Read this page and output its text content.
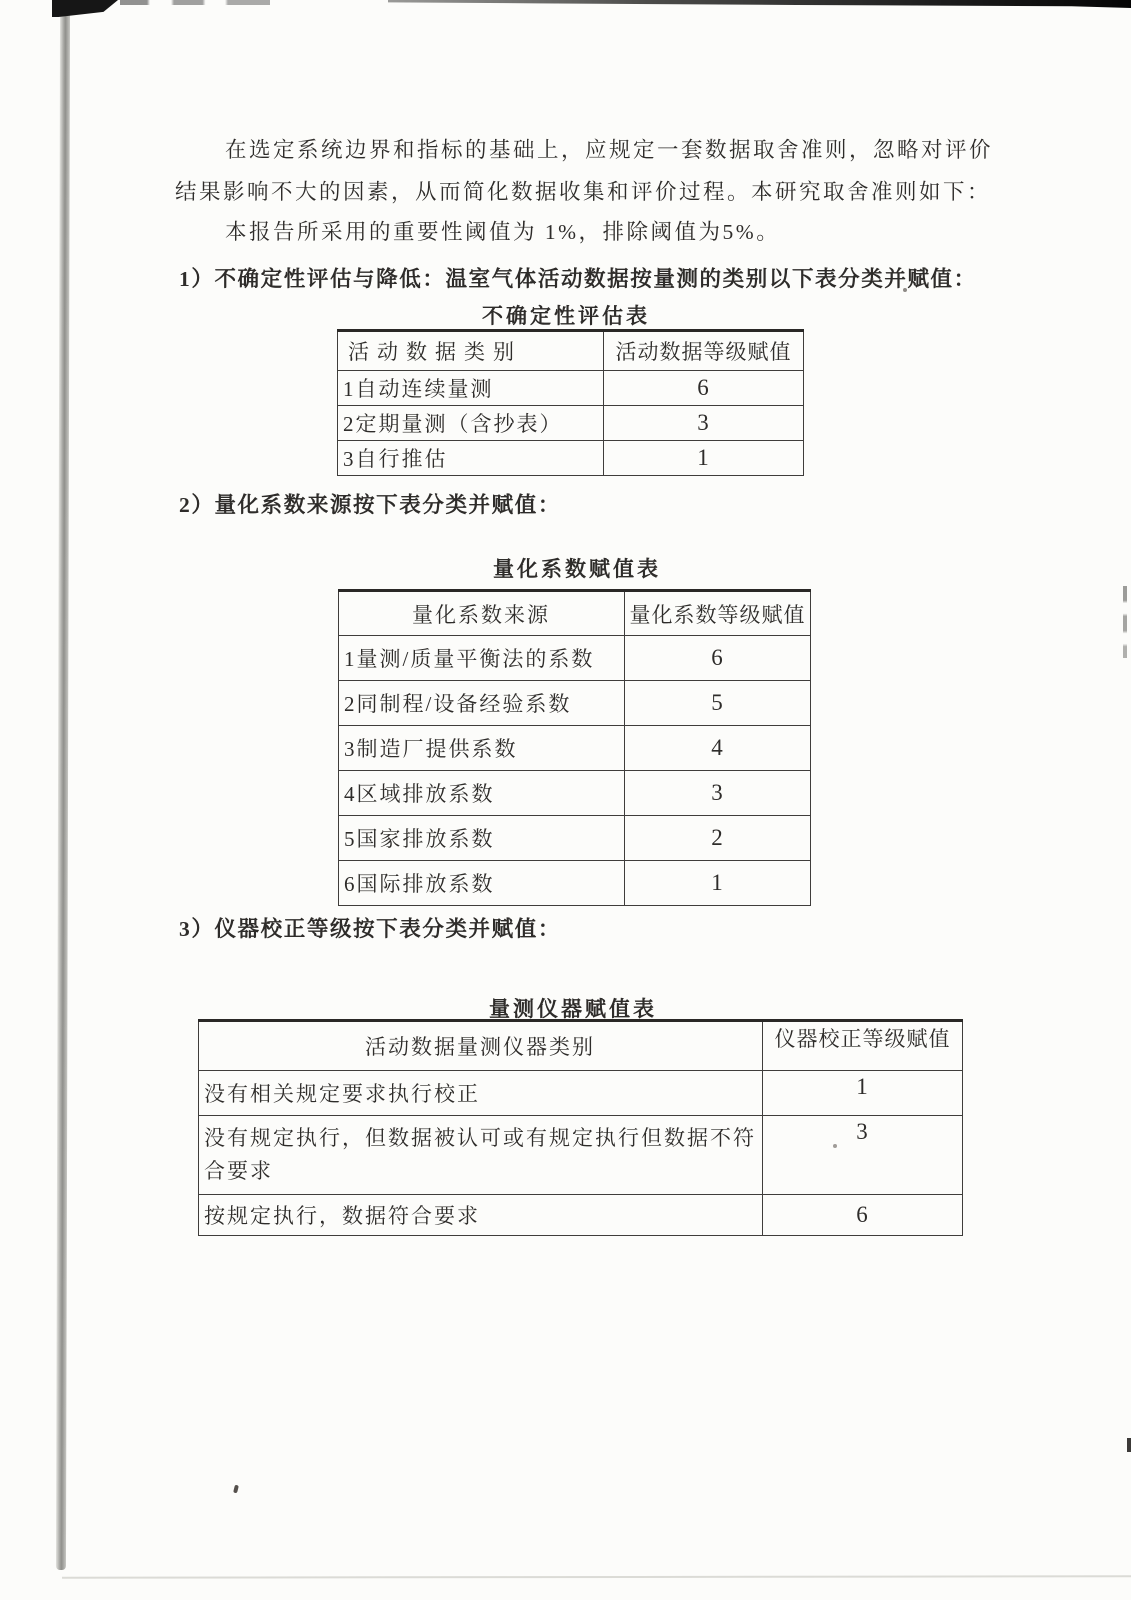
在选定系统边界和指标的基础上，应规定一套数据取舍准则，忽略对评价
结果影响不大的因素，从而简化数据收集和评价过程。本研究取舍准则如下：
本报告所采用的重要性阈值为 1%，排除阈值为5%。
1）不确定性评估与降低：温室气体活动数据按量测的类别以下表分类并赋值：
不确定性评估表
活动数据类别	活动数据等级赋值
1自动连续量测	6
2定期量测（含抄表）	3
3自行推估	1
2）量化系数来源按下表分类并赋值：
量化系数赋值表
量化系数来源	量化系数等级赋值
1量测/质量平衡法的系数	6
2同制程/设备经验系数	5
3制造厂提供系数	4
4区域排放系数	3
5国家排放系数	2
6国际排放系数	1
3）仪器校正等级按下表分类并赋值：
量测仪器赋值表
活动数据量测仪器类别	仪器校正等级赋值

没有相关规定要求执行校正	1
没有规定执行，但数据被认可或有规定执行但数据不符合要求	3
按规定执行，数据符合要求	6
